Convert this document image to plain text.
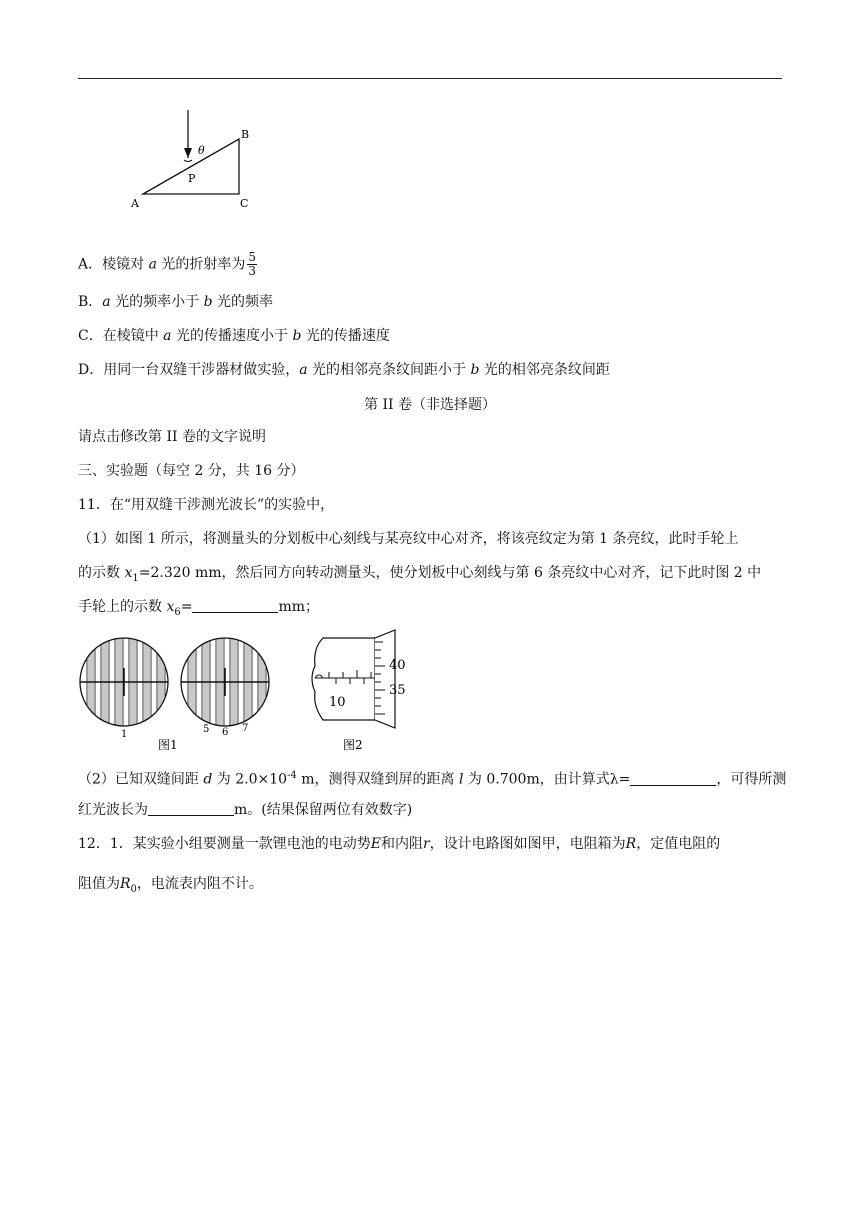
θ
P
A
B
C
A．棱镜对 a 光的折射率为 $\frac{5}{3}$
B．a 光的频率小于 b 光的频率
C．在棱镜中 a 光的传播速度小于 b 光的传播速度
D．用同一台双缝干涉器材做实验，a 光的相邻亮条纹间距小于 b 光的相邻亮条纹间距
第 II 卷（非选择题）
请点击修改第 II 卷的文字说明
三、实验题（每空 2 分，共 16 分）
11．在“用双缝干涉测光波长”的实验中，
（1）如图 1 所示，将测量头的分划板中心刻线与某亮纹中心对齐，将该亮纹定为第 1 条亮纹，此时手轮上
的示数 $x_1=2.320$ mm，然后同方向转动测量头，使分划板中心刻线与第 6 条亮纹中心对齐，记下此时图 2 中
手轮上的示数 $x_6=$	mm；
1	5 6 7
图1
40
35
10
图2
（2）已知双缝间距 d 为 $2.0\times 10^{-4}$ m，测得双缝到屏的距离 l 为 0.700m，由计算式λ=	，可得所测
红光波长为	m。(结果保留两位有效数字)
12．1．某实验小组要测量一款锂电池的电动势E和内阻r，设计电路图如图甲，电阻箱为R，定值电阻的
阻值为$R_0$，电流表内阻不计。
